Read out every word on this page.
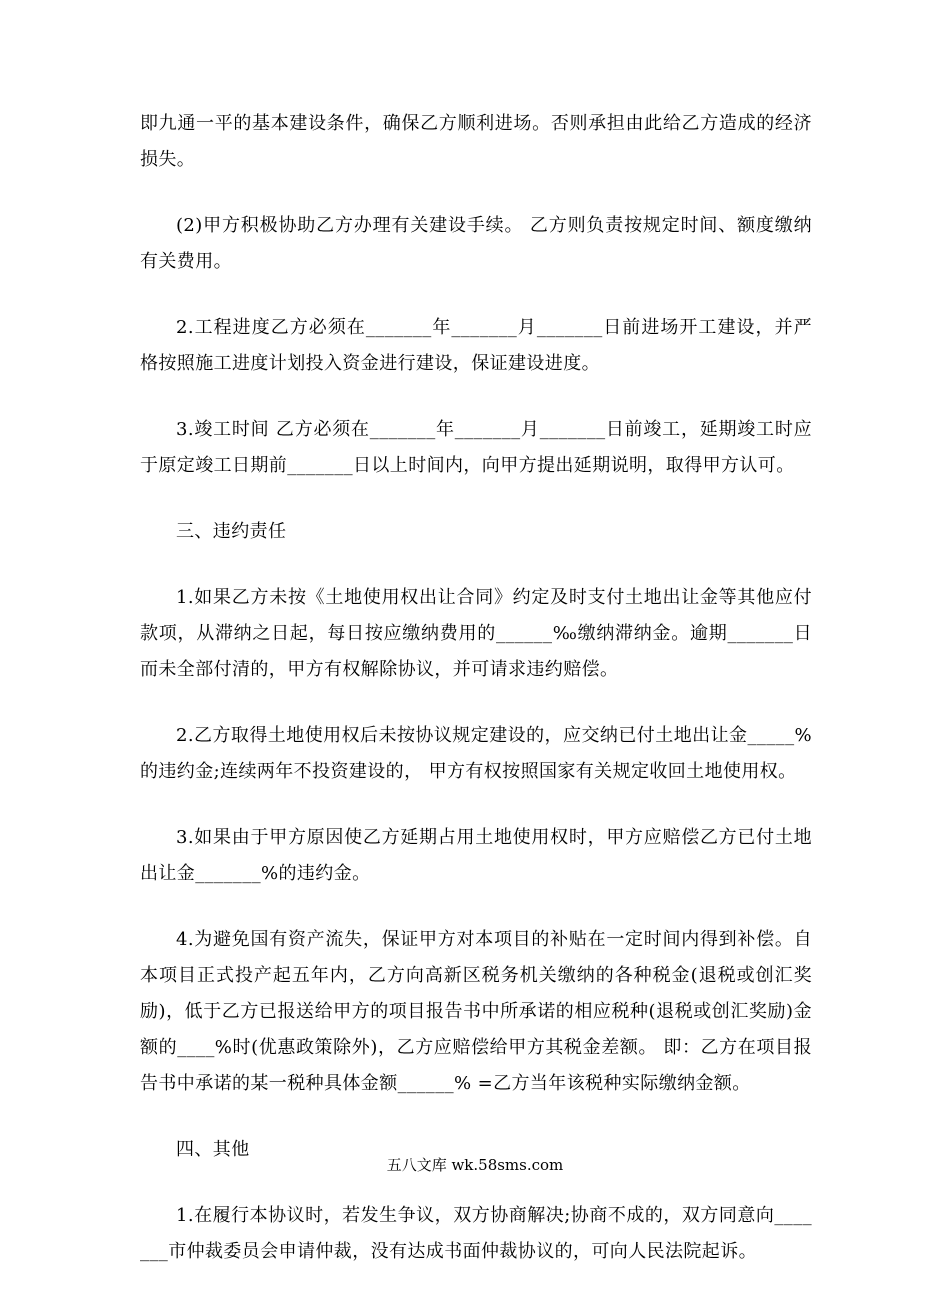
即九通一平的基本建设条件，确保乙方顺利进场。否则承担由此给乙方造成的经济损失。

(2)甲方积极协助乙方办理有关建设手续。 乙方则负责按规定时间、额度缴纳有关费用。

2.工程进度乙方必须在_______年_______月_______日前进场开工建设，并严格按照施工进度计划投入资金进行建设，保证建设进度。

3.竣工时间 乙方必须在_______年_______月_______日前竣工，延期竣工时应于原定竣工日期前_______日以上时间内，向甲方提出延期说明，取得甲方认可。

三、违约责任

1.如果乙方未按《土地使用权出让合同》约定及时支付土地出让金等其他应付款项，从滞纳之日起，每日按应缴纳费用的______‰缴纳滞纳金。逾期_______日而未全部付清的，甲方有权解除协议，并可请求违约赔偿。

2.乙方取得土地使用权后未按协议规定建设的，应交纳已付土地出让金_____%的违约金;连续两年不投资建设的， 甲方有权按照国家有关规定收回土地使用权。

3.如果由于甲方原因使乙方延期占用土地使用权时，甲方应赔偿乙方已付土地出让金_______%的违约金。

4.为避免国有资产流失，保证甲方对本项目的补贴在一定时间内得到补偿。自本项目正式投产起五年内，乙方向高新区税务机关缴纳的各种税金(退税或创汇奖励)，低于乙方已报送给甲方的项目报告书中所承诺的相应税种(退税或创汇奖励)金额的____%时(优惠政策除外)，乙方应赔偿给甲方其税金差额。 即：乙方在项目报告书中承诺的某一税种具体金额______% =乙方当年该税种实际缴纳金额。

四、其他

1.在履行本协议时，若发生争议，双方协商解决;协商不成的，双方同意向_______市仲裁委员会申请仲裁，没有达成书面仲裁协议的，可向人民法院起诉。

五八文库 wk.58sms.com
